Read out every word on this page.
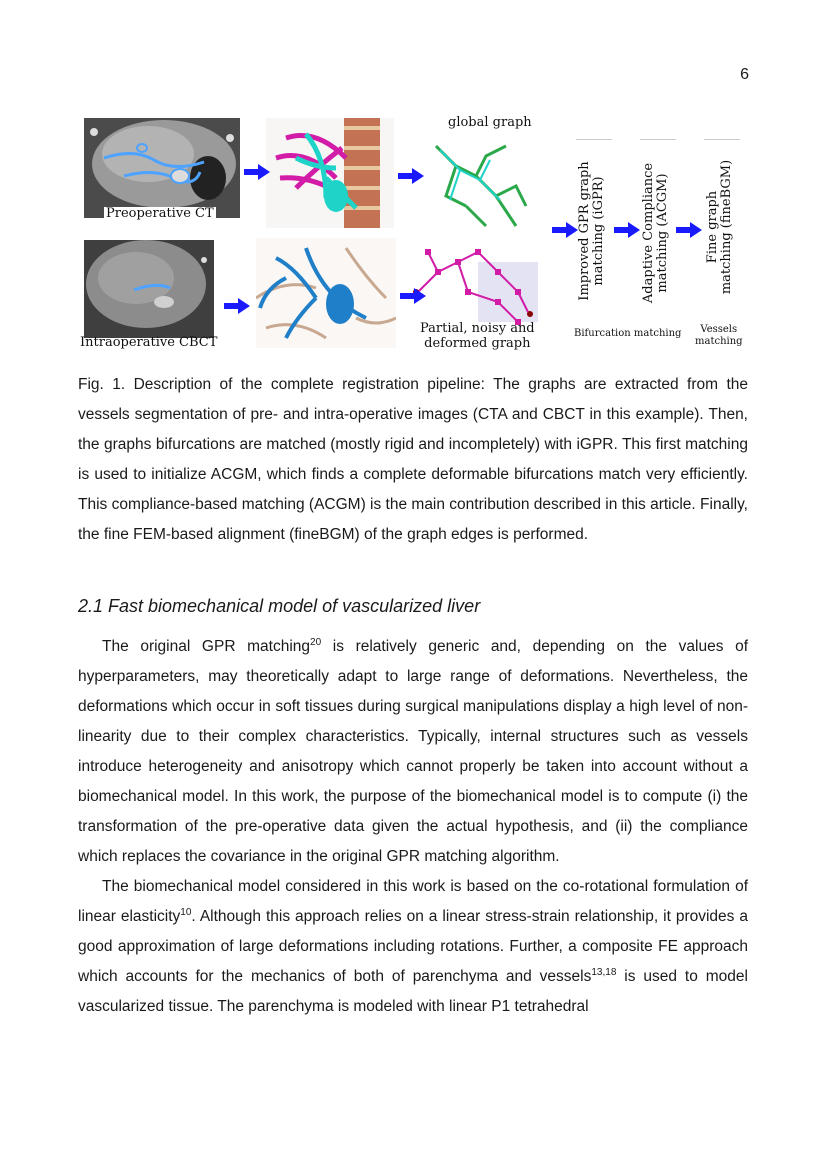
6
Preoperative CT
Intraoperative CBCT
global graph
Partial, noisy and
deformed graph
Improved GPR graph matching (iGPR)	Adaptive Compliance matching (ACGM)	Fine graph matching (fineBGM)
Bifurcation matching	Vessels
matching
Fig. 1. Description of the complete registration pipeline: The graphs are extracted from the vessels segmentation of pre- and intra-operative images (CTA and CBCT in this example). Then, the graphs bifurcations are matched (mostly rigid and incompletely) with iGPR. This first matching is used to initialize ACGM, which finds a complete deformable bifurcations match very efficiently. This compliance-based matching (ACGM) is the main contribution described in this article. Finally, the fine FEM-based alignment (fineBGM) of the graph edges is performed.
2.1 Fast biomechanical model of vascularized liver
The original GPR matching$^{20}$ is relatively generic and, depending on the values of hyperparameters, may theoretically adapt to large range of deformations. Nevertheless, the deformations which occur in soft tissues during surgical manipulations display a high level of non-linearity due to their complex characteristics. Typically, internal structures such as vessels introduce heterogeneity and anisotropy which cannot properly be taken into account without a biomechanical model. In this work, the purpose of the biomechanical model is to compute (i) the transformation of the pre-operative data given the actual hypothesis, and (ii) the compliance which replaces the covariance in the original GPR matching algorithm.
The biomechanical model considered in this work is based on the co-rotational formulation of linear elasticity$^{10}$. Although this approach relies on a linear stress-strain relationship, it provides a good approximation of large deformations including rotations. Further, a composite FE approach which accounts for the mechanics of both of parenchyma and vessels$^{13,18}$ is used to model vascularized tissue. The parenchyma is modeled with linear P1 tetrahedral
